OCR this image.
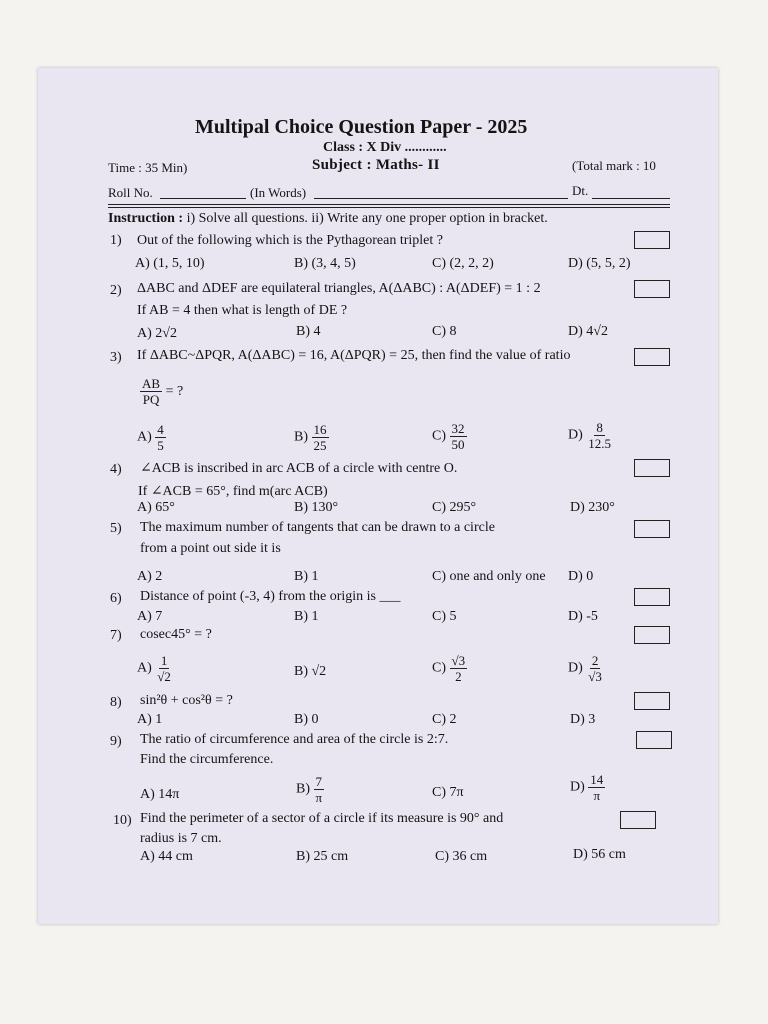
Multipal Choice Question Paper - 2025
Class : X Div ............
Time : 35 Min)	Subject : Maths- II	(Total mark : 10
Roll No.	(In Words)	Dt.
Instruction : i) Solve all questions. ii) Write any one proper option in bracket.
1) Out of the following which is the Pythagorean triplet ?
A) (1, 5, 10)	B) (3, 4, 5)	C) (2, 2, 2)	D) (5, 5, 2)
2) ΔABC and ΔDEF are equilateral triangles, A(ΔABC) : A(ΔDEF) = 1 : 2
If AB = 4 then what is length of DE ?
A) 2√2	B) 4	C) 8	D) 4√2
3) If ΔABC~ΔPQR, A(ΔABC) = 16, A(ΔPQR) = 25, then find the value of ratio
$\frac{AB}{PQ}$ = ?
$A) \frac{4}{5}$	$B) \frac{16}{25}$	$C) \frac{32}{50}$	$D) \frac{8}{12.5}$
4) ∠ACB is inscribed in arc ACB of a circle with centre O.
If ∠ACB = 65°, find m(arc ACB)
A) 65°	B) 130°	C) 295°	D) 230°
5) The maximum number of tangents that can be drawn to a circle
from a point out side it is
A) 2	B) 1	C) one and only one D) 0
6) Distance of point (-3, 4) from the origin is ___
A) 7	B) 1	C) 5	D) -5
7) cosec45° = ?
$A) \frac{1}{√2}$	B) √2	$C) \frac{√3}{2}$	$D) \frac{2}{√3}$
8) sin²θ + cos²θ = ?
A) 1	B) 0	C) 2	D) 3
9) The ratio of circumference and area of the circle is 2:7.
Find the circumference.
A) 14π	$B) \frac{7}{\pi}$	C) 7π	$D) \frac{14}{\pi}$
10) Find the perimeter of a sector of a circle if its measure is 90° and
radius is 7 cm.
A) 44 cm	B) 25 cm	C) 36 cm	D) 56 cm
